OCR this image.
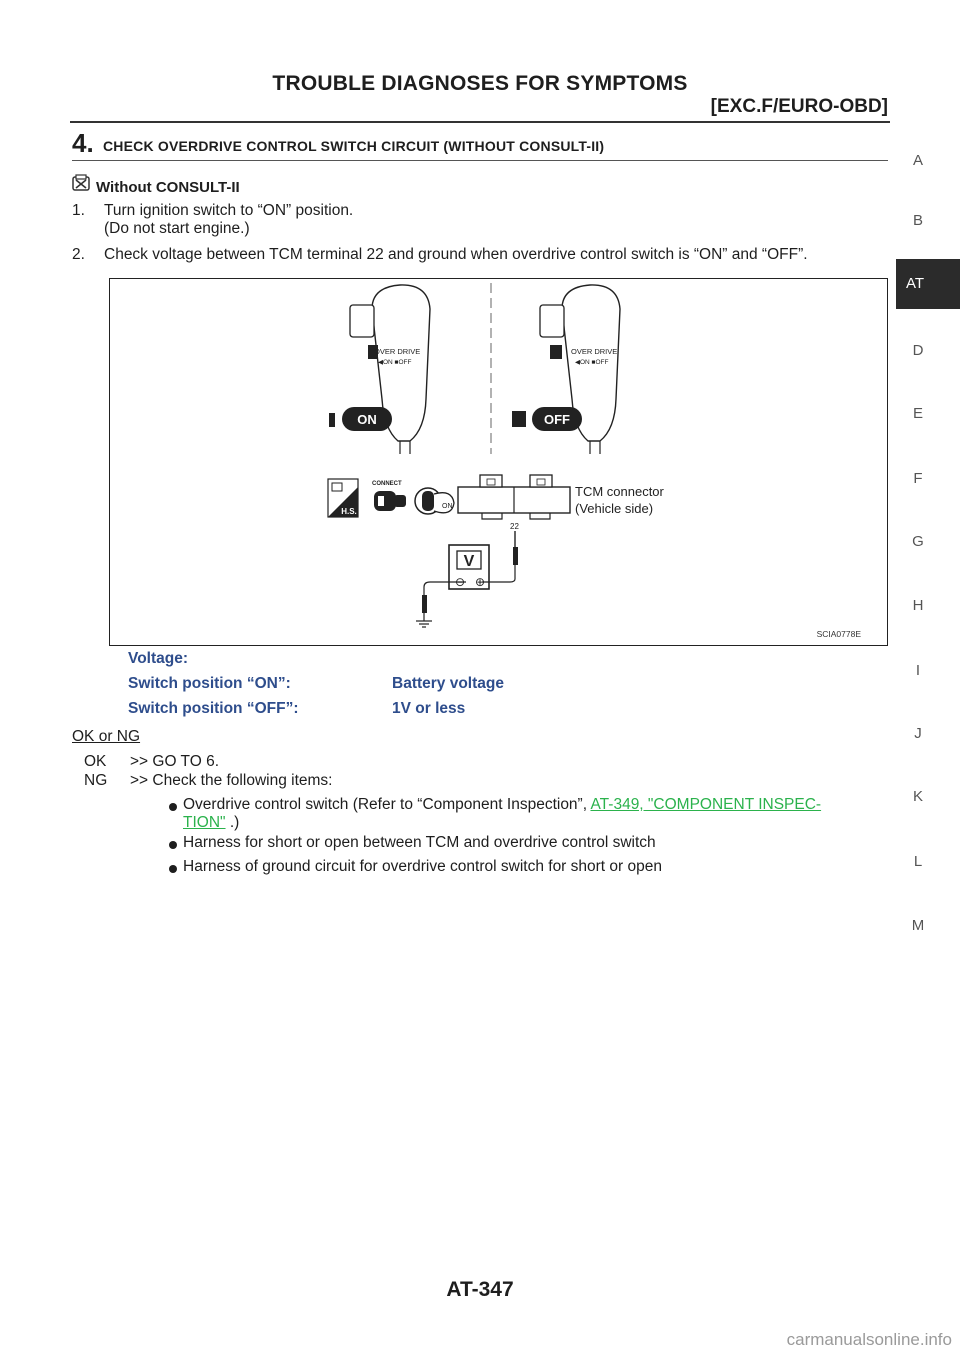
TROUBLE DIAGNOSES FOR SYMPTOMS
[EXC.F/EURO-OBD]
A
B
AT
D
E
F
G
H
I
J
K
L
M
4. CHECK OVERDRIVE CONTROL SWITCH CIRCUIT (WITHOUT CONSULT-II)
Without CONSULT-II
1. Turn ignition switch to “ON” position.
(Do not start engine.)
2. Check voltage between TCM terminal 22 and ground when overdrive control switch is “ON” and “OFF”.
OVER DRIVE
◀ON ■OFF
ON
OVER DRIVE
◀ON ■OFF
OFF
H.S.
CONNECT
ON
TCM connector
(Vehicle side)
22
V
⊖ ⊕
SCIA0778E
Voltage:
Switch position “ON”:	Battery voltage
Switch position “OFF”:	1V or less
OK or NG
OK >> GO TO 6.
NG >> Check the following items:
Overdrive control switch (Refer to “Component Inspection”, AT-349, "COMPONENT INSPEC-
TION" .)
Harness for short or open between TCM and overdrive control switch
Harness of ground circuit for overdrive control switch for short or open
AT-347
carmanualsonline.info
